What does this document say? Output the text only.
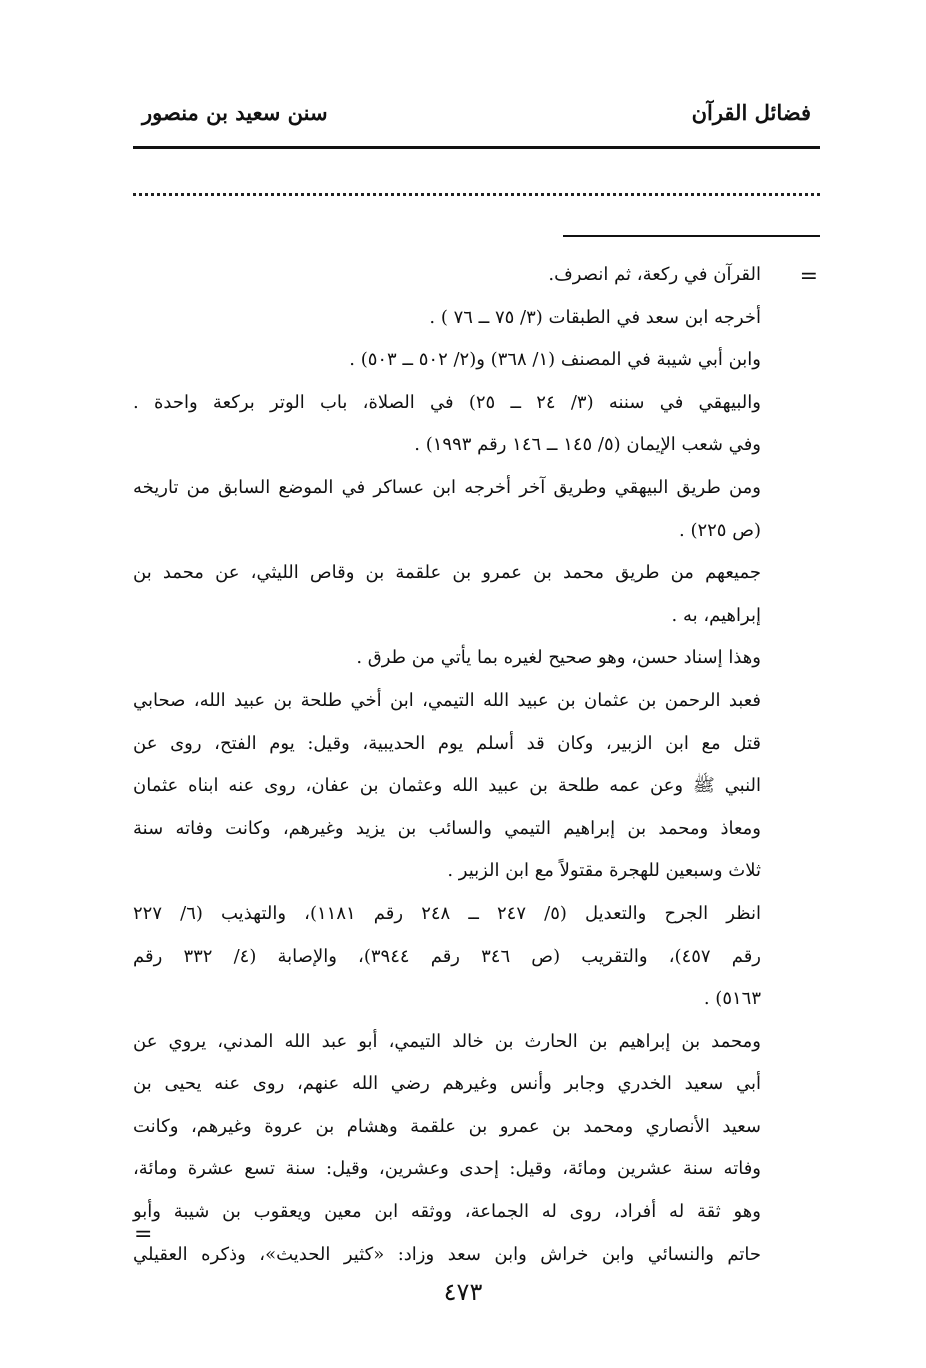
فضائل القرآن
سنن سعيد بن منصور
=
القرآن في ركعة، ثم انصرف.
أخرجه ابن سعد في الطبقات (٣/ ٧٥ ــ ٧٦ ) .
وابن أبي شيبة في المصنف (١/ ٣٦٨) و(٢/ ٥٠٢ ــ ٥٠٣) .
والبيهقي في سننه (٣/ ٢٤ ــ ٢٥) في الصلاة، باب الوتر بركعة واحدة .
وفي شعب الإيمان (٥/ ١٤٥ ــ ١٤٦ رقم ١٩٩٣) .
ومن طريق البيهقي وطريق آخر أخرجه ابن عساكر في الموضع السابق من تاريخه
(ص ٢٢٥) .
جميعهم من طريق محمد بن عمرو بن علقمة بن وقاص الليثي، عن محمد بن
إبراهيم، به .
وهذا إسناد حسن، وهو صحيح لغيره بما يأتي من طرق .
فعبد الرحمن بن عثمان بن عبيد الله التيمي، ابن أخي طلحة بن عبيد الله، صحابي
قتل مع ابن الزبير، وكان قد أسلم يوم الحديبية، وقيل: يوم الفتح، روى عن
النبي ﷺ وعن عمه طلحة بن عبيد الله وعثمان بن عفان، روى عنه ابناه عثمان
ومعاذ ومحمد بن إبراهيم التيمي والسائب بن يزيد وغيرهم، وكانت وفاته سنة
ثلاث وسبعين للهجرة مقتولاً مع ابن الزبير .
انظر الجرح والتعديل (٥/ ٢٤٧ ــ ٢٤٨ رقم ١١٨١)، والتهذيب (٦/ ٢٢٧
رقم ٤٥٧)، والتقريب (ص ٣٤٦ رقم ٣٩٤٤)، والإصابة (٤/ ٣٣٢ رقم
٥١٦٣) .
ومحمد بن إبراهيم بن الحارث بن خالد التيمي، أبو عبد الله المدني، يروي عن
أبي سعيد الخدري وجابر وأنس وغيرهم رضي الله عنهم، روى عنه يحيى بن
سعيد الأنصاري ومحمد بن عمرو بن علقمة وهشام بن عروة وغيرهم، وكانت
وفاته سنة عشرين ومائة، وقيل: إحدى وعشرين، وقيل: سنة تسع عشرة ومائة،
وهو ثقة له أفراد، روى له الجماعة، ووثقه ابن معين ويعقوب بن شيبة وأبو
حاتم والنسائي وابن خراش وابن سعد وزاد: «كثير الحديث»، وذكره العقيلي
=
٤٧٣
